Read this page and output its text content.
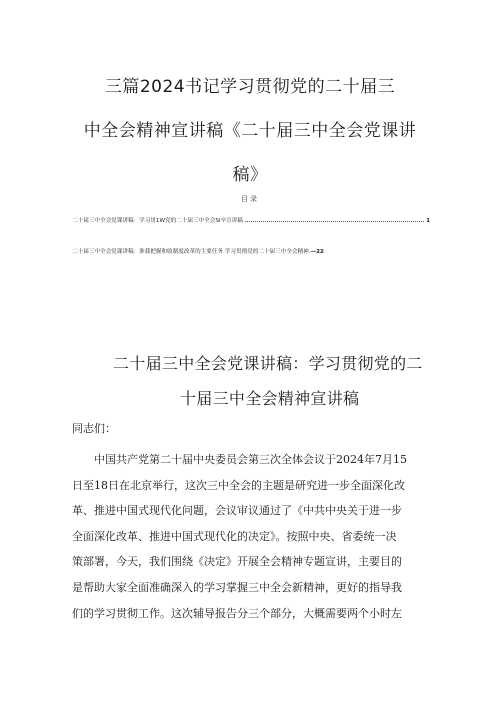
三篇2024书记学习贯彻党的二十届三
中全会精神宣讲稿《二十届三中全会党课讲
稿》
目录
二十届三中全会党课讲稿：学习贯1W党的二十届三中全会SI卒宣讲稿	1
二十届三中全会党课讲稿：准我把握和收制度改革的主要任务.学习贯彻党的二十届三中全会精神. —22
二十届三中全会党课讲稿：学习贯彻党的二
十届三中全会精神宣讲稿
同志们：
中国共产党第二十届中央委员会第三次全体会议于2024年7月15
日至18日在北京举行，这次三中全会的主题是研究进一步全面深化改
革、推进中国式现代化问题，会议审议通过了《中共中央关于进一步
全面深化改革、推进中国式现代化的决定》。按照中央、省委统一决
策部署，今天，我们围绕《决定》开展全会精神专题宣讲，主要目的
是帮助大家全面准确深入的学习掌握三中全会新精神，更好的指导我
们的学习贯彻工作。这次辅导报告分三个部分，大概需要两个小时左
